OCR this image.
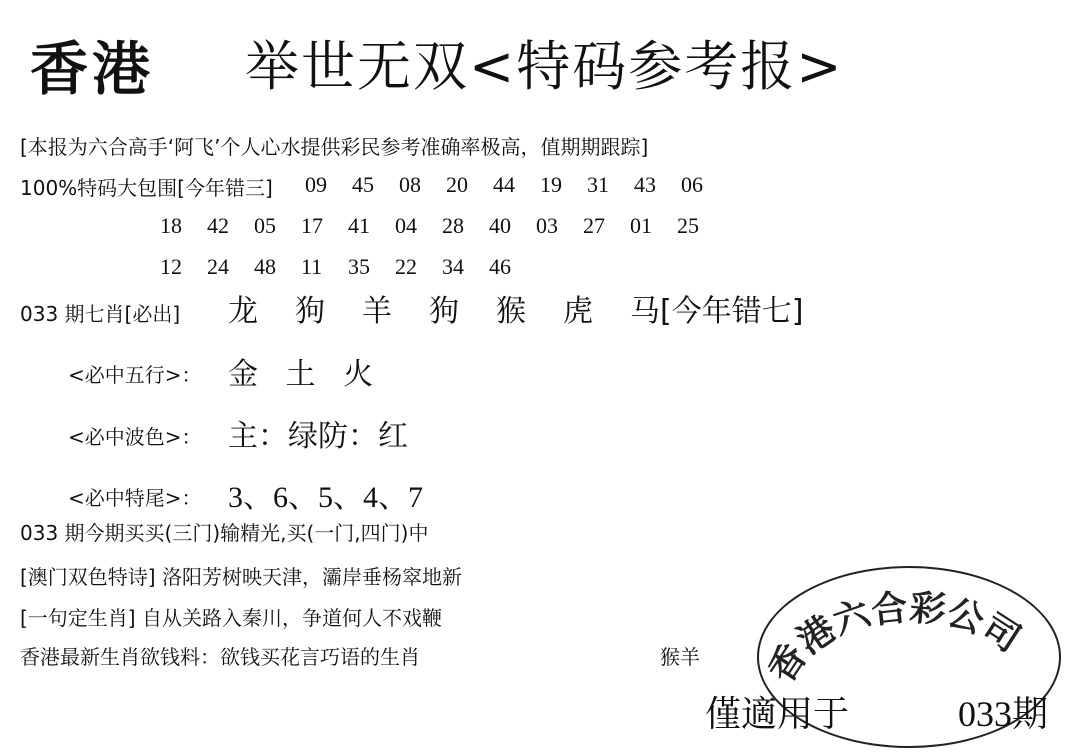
香港 举世无双<特码参考报>
[本报为六合高手‘阿飞’个人心水提供彩民参考准确率极高，值期期跟踪]
100%特码大包围[今年错三] 09 45 08 20 44 19 31 43 06
18 42 05 17 41 04 28 40 03 27 01 25
12 24 48 11 35 22 34 46
033 期七肖[必出] 龙 狗 羊 狗 猴 虎	马[今年错七]
<必中五行>： 金 土 火
<必中波色>： 主：绿防：红
<必中特尾>： 3、6、5、4、7
033 期今期买买(三门)输精光,买(一门,四门)中
[澳门双色特诗] 洛阳芳树映天津，灞岸垂杨窣地新
[一句定生肖] 自从关路入秦川，争道何人不戏鞭
香港最新生肖欲钱料：欲钱买花言巧语的生肖	猴羊 香港六合彩公司
僅適用于	033期
